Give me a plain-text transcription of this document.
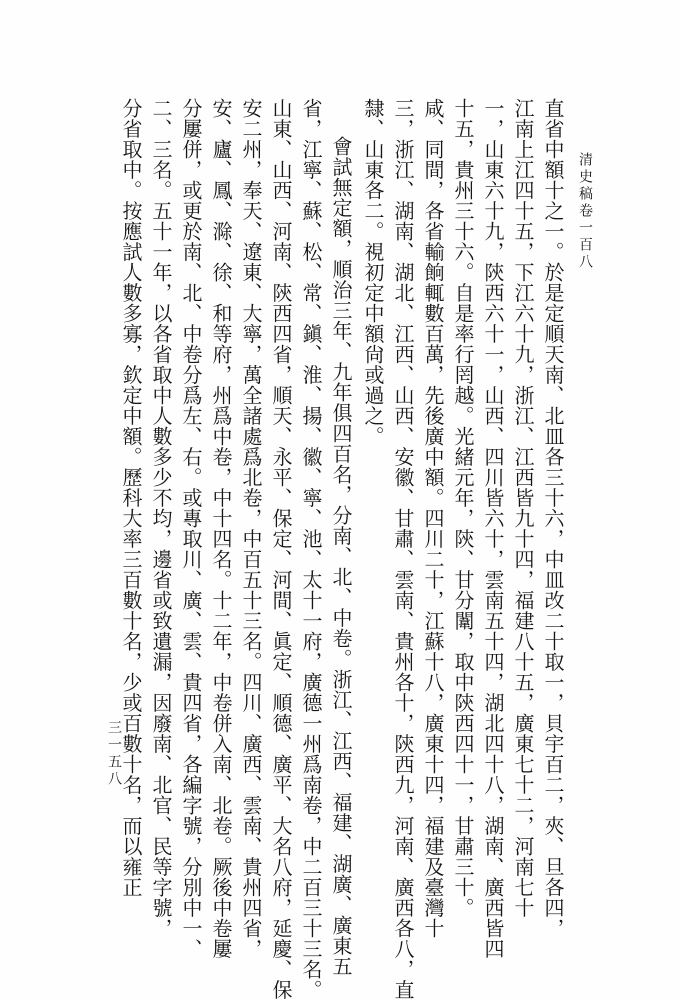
清史稿卷一百八
三一五八	直省中額十之一。於是定順天南、北皿各三十六，中皿改二十取一，貝宇百二，夾、旦各四，
江南上江四十五，下江六十九，浙江、江西皆九十四，福建八十五，廣東七十二，河南七十
一，山東六十九，陝西六十一，山西、四川皆六十，雲南五十四，湖北四十八，湖南、廣西皆四
十五，貴州三十六。自是率行罔越。光緒元年，陝、甘分闈，取中陝西四十一，甘肅三十。
咸、同間，各省輸餉輒數百萬，先後廣中額。四川二十，江蘇十八，廣東十四，福建及臺灣十
三，浙江、湖南、湖北、江西、山西、安徽、甘肅、雲南、貴州各十，陝西九，河南、廣西各八，直
隸、山東各二。視初定中額尙或過之。
會試無定額，順治三年、九年俱四百名，分南、北、中卷。浙江、江西、福建、湖廣、廣東五
省，江寧、蘇、松、常、鎭、淮、揚、徽、寧、池、太十一府，廣德一州爲南卷，中二百三十三名。
山東、山西、河南、陝西四省，順天、永平、保定、河間、眞定、順德、廣平、大名八府，延慶、保
安二州，奉天、遼東、大寧，萬全諸處爲北卷，中百五十三名。四川、廣西、雲南、貴州四省，
安、廬、鳳、滁、徐、和等府，州爲中卷，中十四名。十二年，中卷併入南、北卷。厥後中卷屢
分屢併，或更於南、北、中卷分爲左、右。或專取川、廣、雲、貴四省，各編字號，分別中一、
二、三名。五十一年，以各省取中人數多少不均，邊省或致遺漏，因廢南、北官、民等字號，
分省取中。按應試人數多寡，欽定中額。歷科大率三百數十名，少或百數十名，而以雍正
